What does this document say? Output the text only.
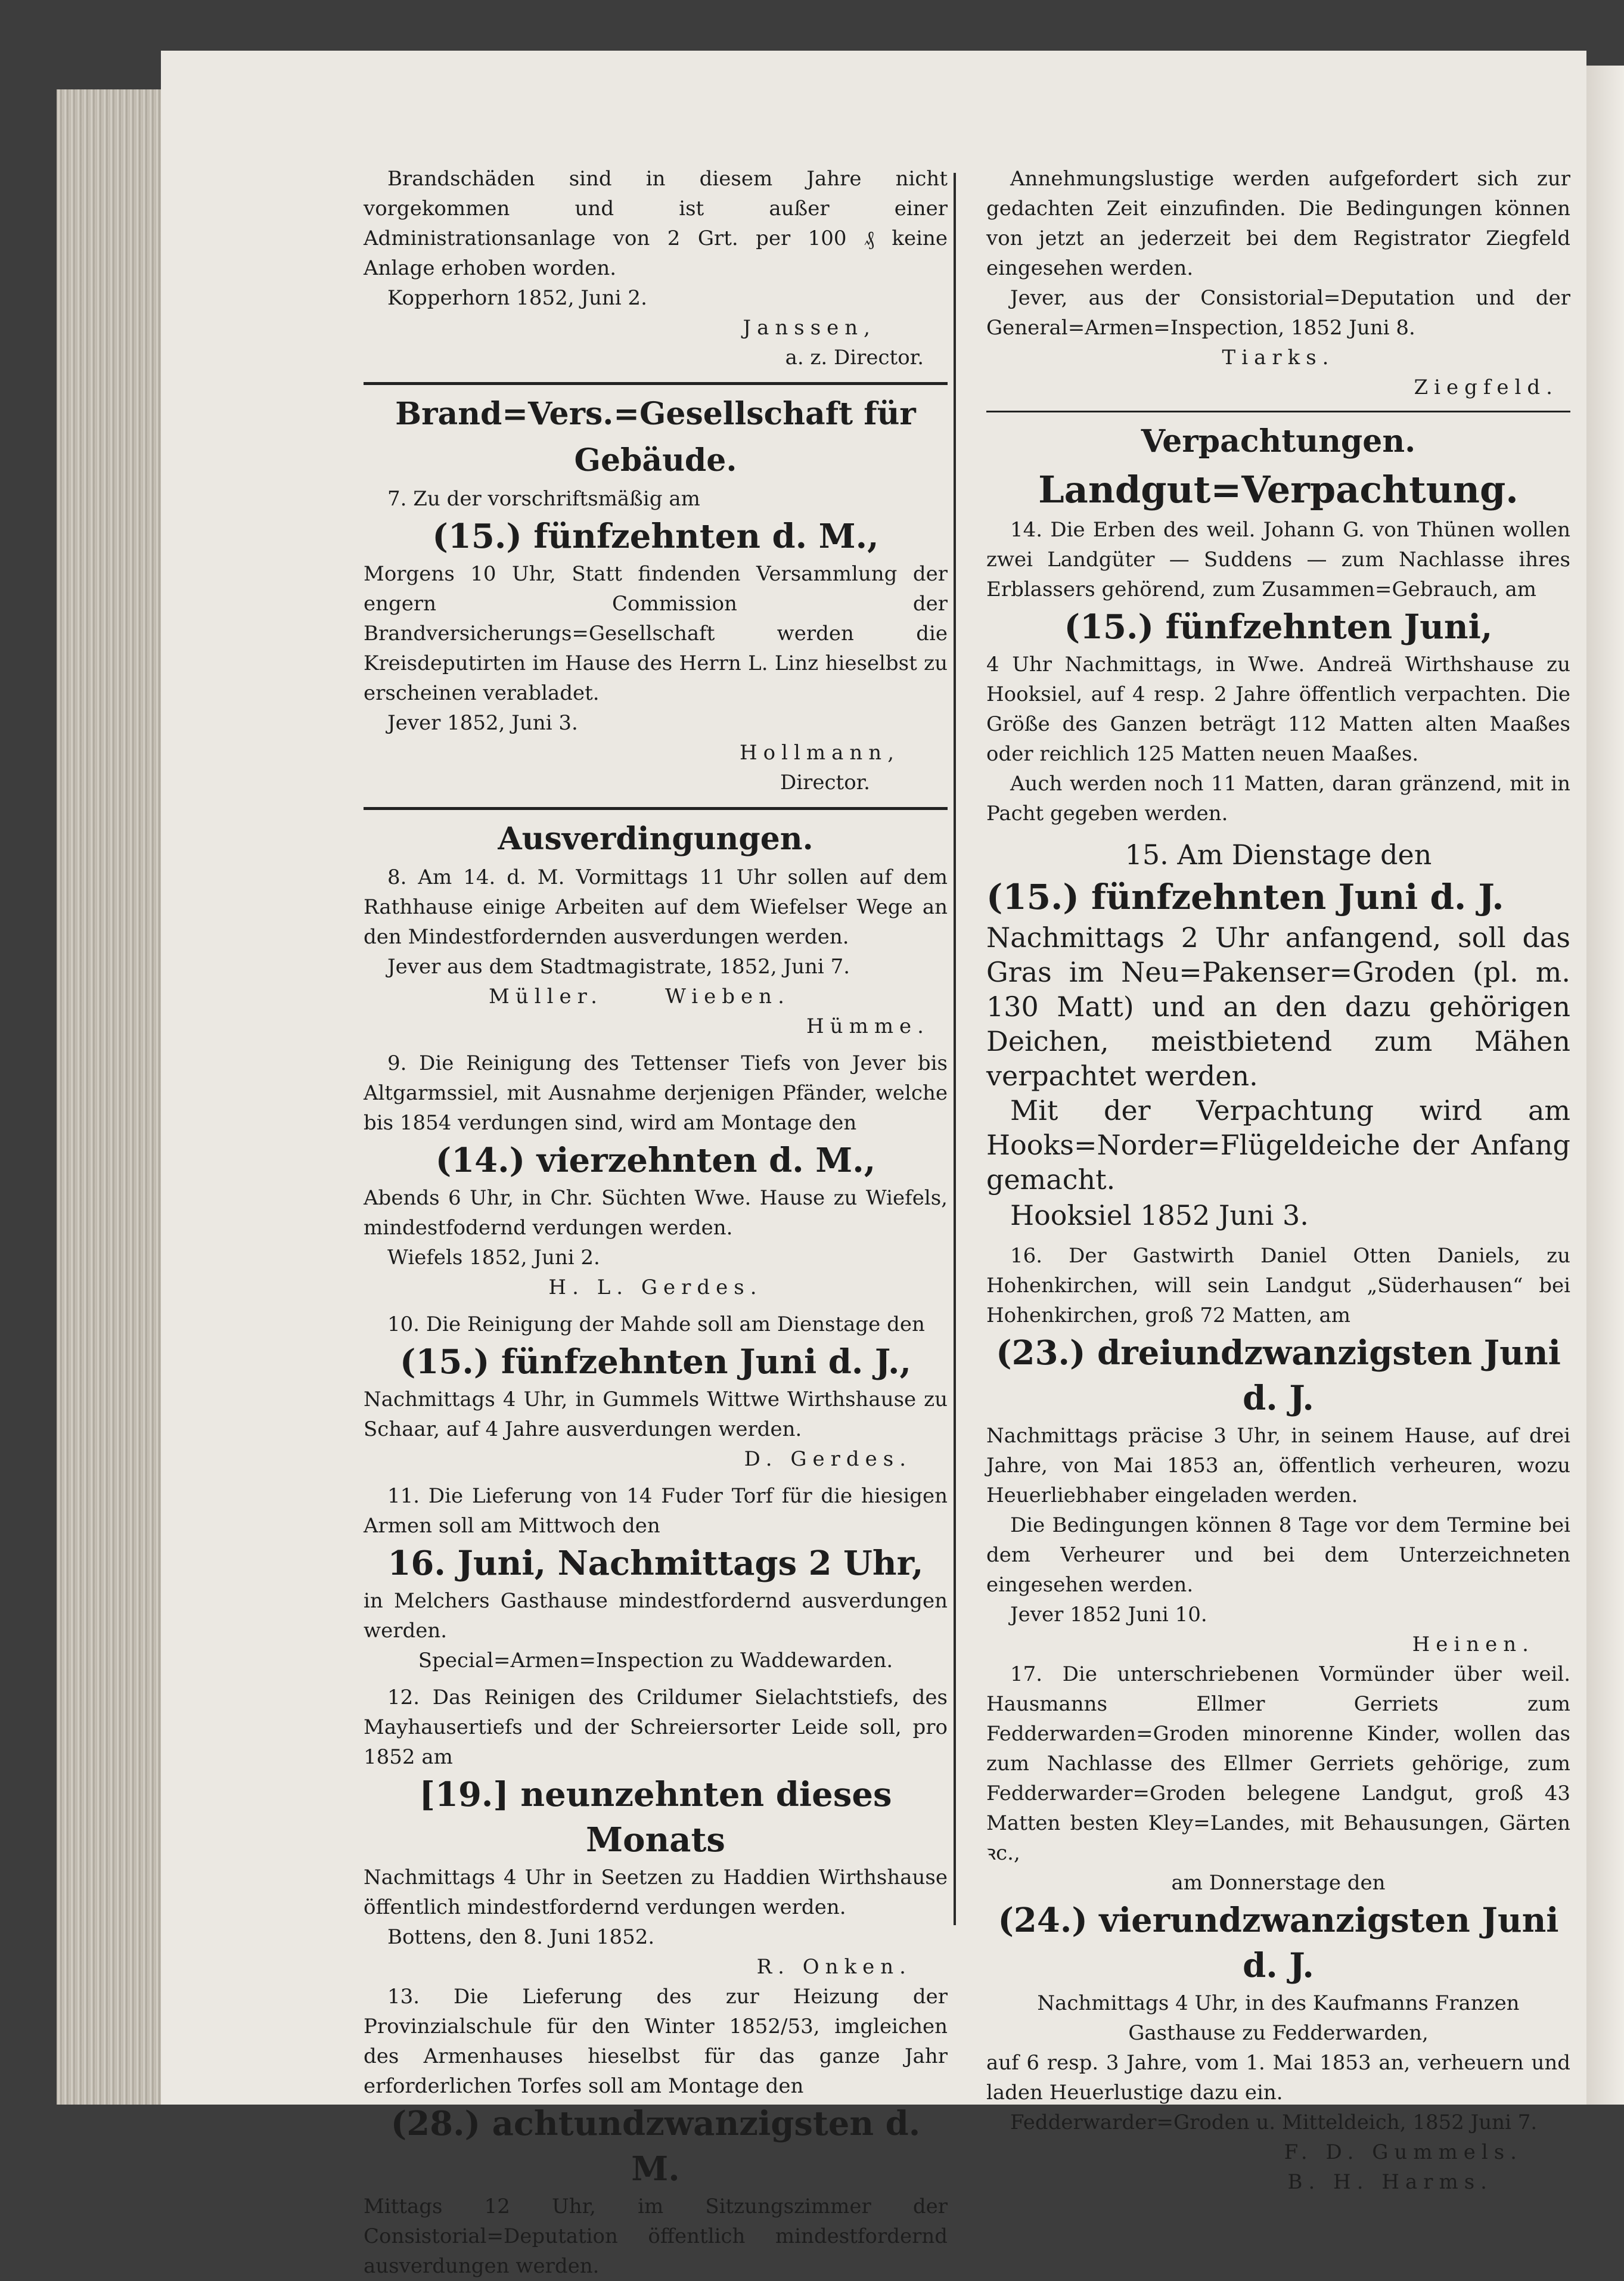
Brandschäden sind in diesem Jahre nicht vorgekommen und ist außer einer Administrationsanlage von 2 Grt. per 100 ₰ keine Anlage erhoben worden.

Kopperhorn 1852, Juni 2.

Janssen,

a. z. Director.

Brand=Vers.=Gesellschaft für Gebäude.

7. Zu der vorschriftsmäßig am

(15.) fünfzehnten d. M.,

Morgens 10 Uhr, Statt findenden Versammlung der engern Commission der Brandversicherungs=Gesellschaft werden die Kreisdeputirten im Hause des Herrn L. Linz hieselbst zu erscheinen verabladet.

Jever 1852, Juni 3.

Hollmann,

Director.

Ausverdingungen.

8. Am 14. d. M. Vormittags 11 Uhr sollen auf dem Rathhause einige Arbeiten auf dem Wiefelser Wege an den Mindestfordernden ausverdungen werden.

Jever aus dem Stadtmagistrate, 1852, Juni 7.

Müller.	Wieben.

Hümme.

9. Die Reinigung des Tettenser Tiefs von Jever bis Altgarmssiel, mit Ausnahme derjenigen Pfänder, welche bis 1854 verdungen sind, wird am Montage den

(14.) vierzehnten d. M.,

Abends 6 Uhr, in Chr. Süchten Wwe. Hause zu Wiefels, mindestfodernd verdungen werden.

Wiefels 1852, Juni 2.

H. L. Gerdes.

10. Die Reinigung der Mahde soll am Dienstage den

(15.) fünfzehnten Juni d. J.,

Nachmittags 4 Uhr, in Gummels Wittwe Wirthshause zu Schaar, auf 4 Jahre ausverdungen werden.

D. Gerdes.

11. Die Lieferung von 14 Fuder Torf für die hiesigen Armen soll am Mittwoch den

16. Juni, Nachmittags 2 Uhr,

in Melchers Gasthause mindestfordernd ausverdungen werden.

Special=Armen=Inspection zu Waddewarden.

12. Das Reinigen des Crildumer Sielachtstiefs, des Mayhausertiefs und der Schreiersorter Leide soll, pro 1852 am

[19.] neunzehnten dieses Monats

Nachmittags 4 Uhr in Seetzen zu Haddien Wirthshause öffentlich mindestfordernd verdungen werden.

Bottens, den 8. Juni 1852.

R. Onken.

13. Die Lieferung des zur Heizung der Provinzialschule für den Winter 1852/53, imgleichen des Armenhauses hieselbst für das ganze Jahr erforderlichen Torfes soll am Montage den

(28.) achtundzwanzigsten d. M.

Mittags 12 Uhr, im Sitzungszimmer der Consistorial=Deputation öffentlich mindestfordernd ausverdungen werden.

Annehmungslustige werden aufgefordert sich zur gedachten Zeit einzufinden. Die Bedingungen können von jetzt an jederzeit bei dem Registrator Ziegfeld eingesehen werden.

Jever, aus der Consistorial=Deputation und der General=Armen=Inspection, 1852 Juni 8.

Tiarks.

Ziegfeld.

Verpachtungen.

Landgut=Verpachtung.

14. Die Erben des weil. Johann G. von Thünen wollen zwei Landgüter — Suddens — zum Nachlasse ihres Erblassers gehörend, zum Zusammen=Gebrauch, am

(15.) fünfzehnten Juni,

4 Uhr Nachmittags, in Wwe. Andreä Wirthshause zu Hooksiel, auf 4 resp. 2 Jahre öffentlich verpachten. Die Größe des Ganzen beträgt 112 Matten alten Maaßes oder reichlich 125 Matten neuen Maaßes.

Auch werden noch 11 Matten, daran gränzend, mit in Pacht gegeben werden.

15. Am Dienstage den

(15.) fünfzehnten Juni d. J.

Nachmittags 2 Uhr anfangend, soll das Gras im Neu=Pakenser=Groden (pl. m. 130 Matt) und an den dazu gehörigen Deichen, meistbietend zum Mähen verpachtet werden.

Mit der Verpachtung wird am Hooks=Norder=Flügeldeiche der Anfang gemacht.

Hooksiel 1852 Juni 3.

16. Der Gastwirth Daniel Otten Daniels, zu Hohenkirchen, will sein Landgut „Süderhausen“ bei Hohenkirchen, groß 72 Matten, am

(23.) dreiundzwanzigsten Juni d. J.

Nachmittags präcise 3 Uhr, in seinem Hause, auf drei Jahre, von Mai 1853 an, öffentlich verheuren, wozu Heuerliebhaber eingeladen werden.

Die Bedingungen können 8 Tage vor dem Termine bei dem Verheurer und bei dem Unterzeichneten eingesehen werden.

Jever 1852 Juni 10.

Heinen.

17. Die unterschriebenen Vormünder über weil. Hausmanns Ellmer Gerriets zum Fedderwarden=Groden minorenne Kinder, wollen das zum Nachlasse des Ellmer Gerriets gehörige, zum Fedderwarder=Groden belegene Landgut, groß 43 Matten besten Kley=Landes, mit Behausungen, Gärten ꝛc.,

am Donnerstage den

(24.) vierundzwanzigsten Juni d. J.

Nachmittags 4 Uhr, in des Kaufmanns Franzen Gasthause zu Fedderwarden,

auf 6 resp. 3 Jahre, vom 1. Mai 1853 an, verheuern und laden Heuerlustige dazu ein.

Fedderwarder=Groden u. Mitteldeich, 1852 Juni 7.

F. D. Gummels.

B. H. Harms.
